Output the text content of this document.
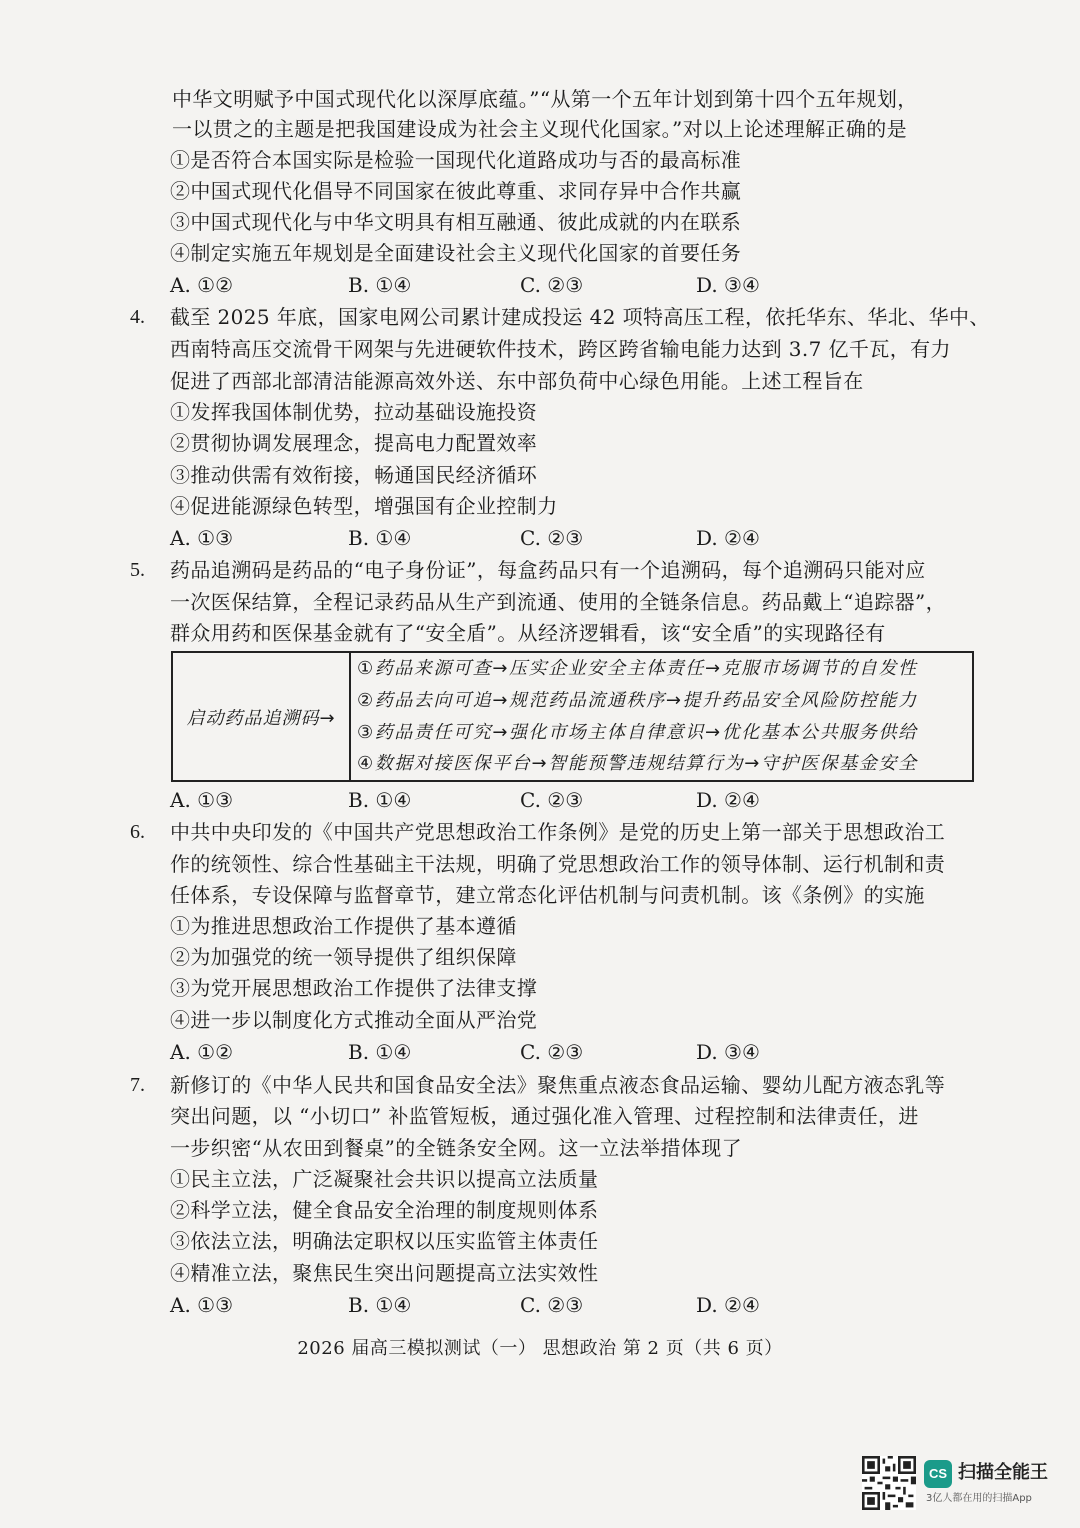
中华文明赋予中国式现代化以深厚底蕴。”“从第一个五年计划到第十四个五年规划，
一以贯之的主题是把我国建设成为社会主义现代化国家。”对以上论述理解正确的是
①是否符合本国实际是检验一国现代化道路成功与否的最高标准
②中国式现代化倡导不同国家在彼此尊重、求同存异中合作共赢
③中国式现代化与中华文明具有相互融通、彼此成就的内在联系
④制定实施五年规划是全面建设社会主义现代化国家的首要任务
A. ①②	B. ①④	C. ②③	D. ③④
4. 截至 2025 年底，国家电网公司累计建成投运 42 项特高压工程，依托华东、华北、华中、
西南特高压交流骨干网架与先进硬软件技术，跨区跨省输电能力达到 3.7 亿千瓦，有力
促进了西部北部清洁能源高效外送、东中部负荷中心绿色用能。上述工程旨在
①发挥我国体制优势，拉动基础设施投资
②贯彻协调发展理念，提高电力配置效率
③推动供需有效衔接，畅通国民经济循环
④促进能源绿色转型，增强国有企业控制力
A. ①③	B. ①④	C. ②③	D. ②④
5. 药品追溯码是药品的“电子身份证”，每盒药品只有一个追溯码，每个追溯码只能对应
一次医保结算，全程记录药品从生产到流通、使用的全链条信息。药品戴上“追踪器”，
群众用药和医保基金就有了“安全盾”。从经济逻辑看，该“安全盾”的实现路径有
启动药品追溯码→
①药品来源可查→压实企业安全主体责任→克服市场调节的自发性
②药品去向可追→规范药品流通秩序→提升药品安全风险防控能力
③药品责任可究→强化市场主体自律意识→优化基本公共服务供给
④数据对接医保平台→智能预警违规结算行为→守护医保基金安全
A. ①③	B. ①④	C. ②③	D. ②④
6. 中共中央印发的《中国共产党思想政治工作条例》是党的历史上第一部关于思想政治工
作的统领性、综合性基础主干法规，明确了党思想政治工作的领导体制、运行机制和责
任体系，专设保障与监督章节，建立常态化评估机制与问责机制。该《条例》的实施
①为推进思想政治工作提供了基本遵循
②为加强党的统一领导提供了组织保障
③为党开展思想政治工作提供了法律支撑
④进一步以制度化方式推动全面从严治党
A. ①②	B. ①④	C. ②③	D. ③④
7. 新修订的《中华人民共和国食品安全法》聚焦重点液态食品运输、婴幼儿配方液态乳等
突出问题，以 “小切口” 补监管短板，通过强化准入管理、过程控制和法律责任，进
一步织密“从农田到餐桌”的全链条安全网。这一立法举措体现了
①民主立法，广泛凝聚社会共识以提高立法质量
②科学立法，健全食品安全治理的制度规则体系
③依法立法，明确法定职权以压实监管主体责任
④精准立法，聚焦民生突出问题提高立法实效性
A. ①③	B. ①④	C. ②③	D. ②④
2026 届高三模拟测试（一） 思想政治 第 2 页（共 6 页）
CS 扫描全能王
3亿人都在用的扫描App
